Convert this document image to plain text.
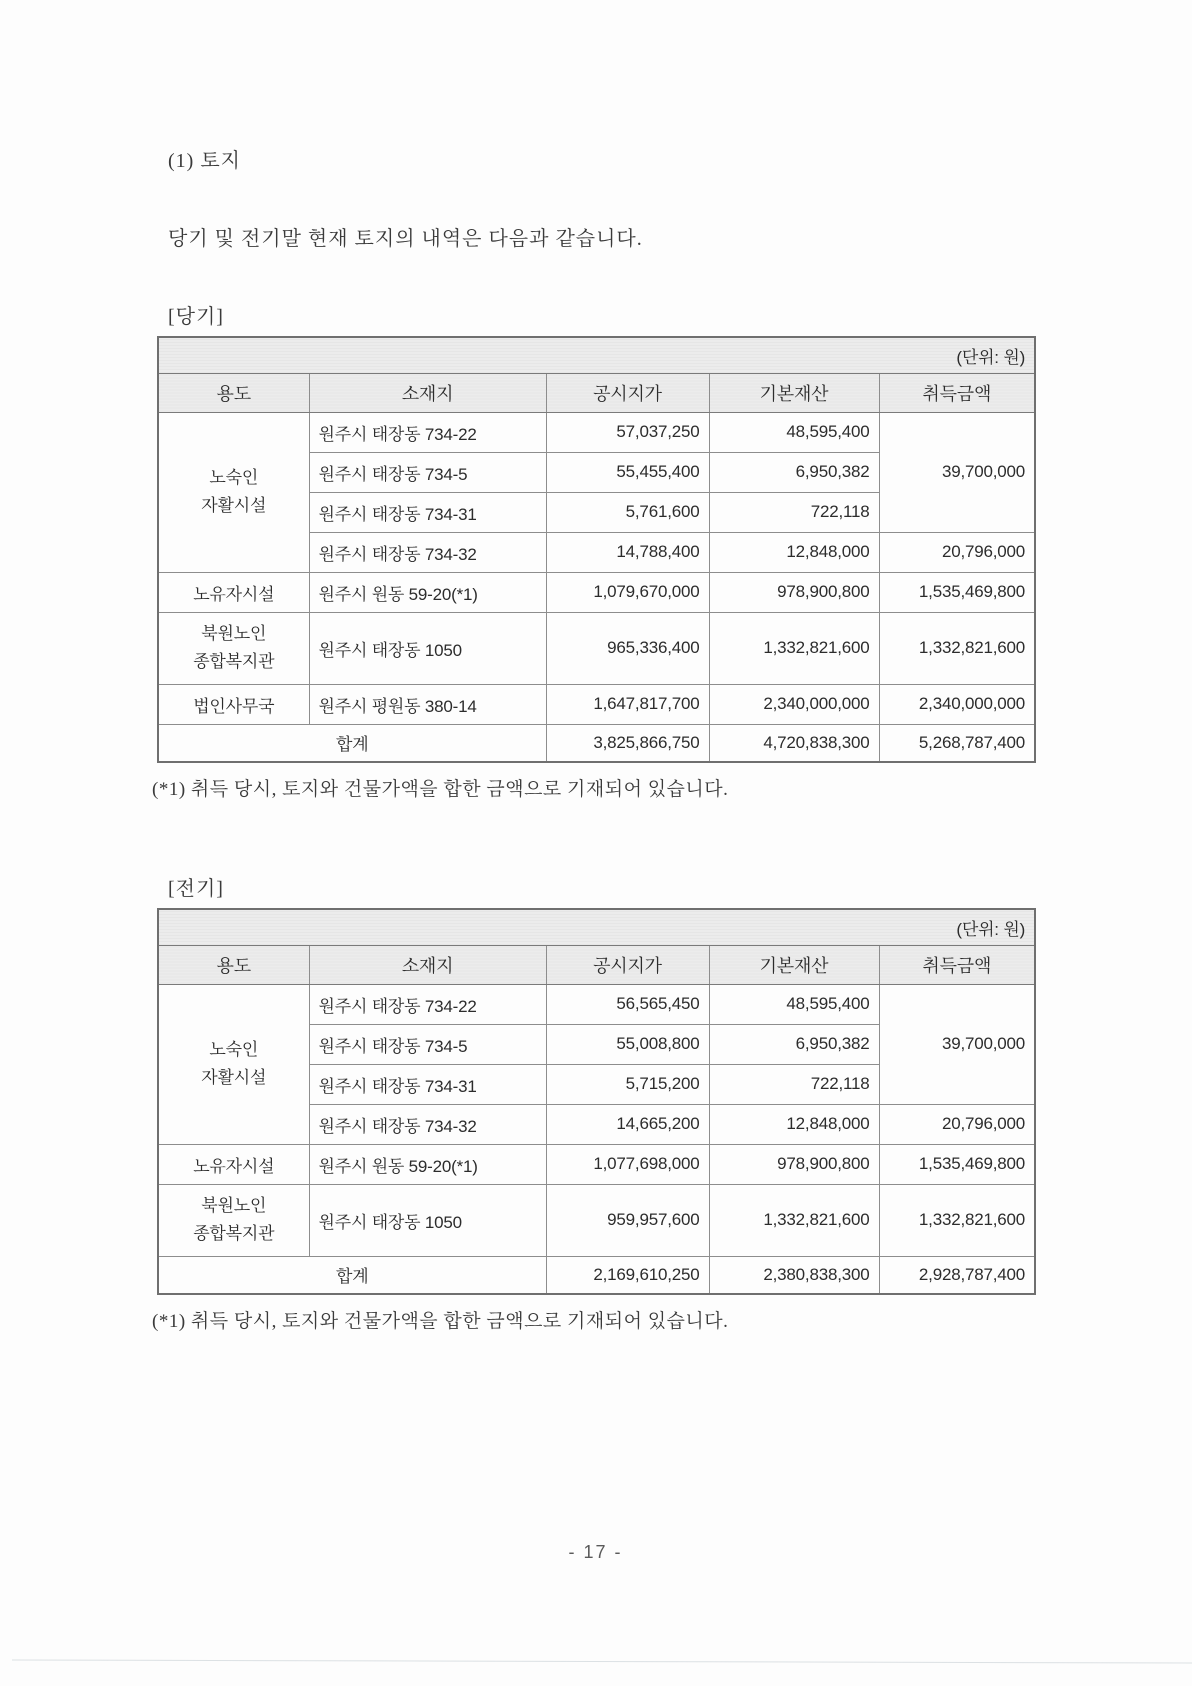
(1) 토지
당기 및 전기말 현재 토지의 내역은 다음과 같습니다.
[당기]
(단위: 원)				
용도	소재지	공시지가	기본재산	취득금액

노숙인
자활시설	원주시 태장동 734-22	57,037,250	48,595,400	39,700,000
	원주시 태장동 734-5	55,455,400	6,950,382	
	원주시 태장동 734-31	5,761,600	722,118	
	원주시 태장동 734-32	14,788,400	12,848,000	20,796,000
노유자시설	원주시 원동 59-20(*1)	1,079,670,000	978,900,800	1,535,469,800

북원노인
종합복지관	원주시 태장동 1050	965,336,400	1,332,821,600	1,332,821,600
법인사무국	원주시 평원동 380-14	1,647,817,700	2,340,000,000	2,340,000,000
합계		3,825,866,750	4,720,838,300	5,268,787,400
(*1) 취득 당시, 토지와 건물가액을 합한 금액으로 기재되어 있습니다.
[전기]
(단위: 원)				
용도	소재지	공시지가	기본재산	취득금액

노숙인
자활시설	원주시 태장동 734-22	56,565,450	48,595,400	39,700,000
	원주시 태장동 734-5	55,008,800	6,950,382	
	원주시 태장동 734-31	5,715,200	722,118	
	원주시 태장동 734-32	14,665,200	12,848,000	20,796,000
노유자시설	원주시 원동 59-20(*1)	1,077,698,000	978,900,800	1,535,469,800

북원노인
종합복지관	원주시 태장동 1050	959,957,600	1,332,821,600	1,332,821,600
합계		2,169,610,250	2,380,838,300	2,928,787,400
(*1) 취득 당시, 토지와 건물가액을 합한 금액으로 기재되어 있습니다.
- 17 -
